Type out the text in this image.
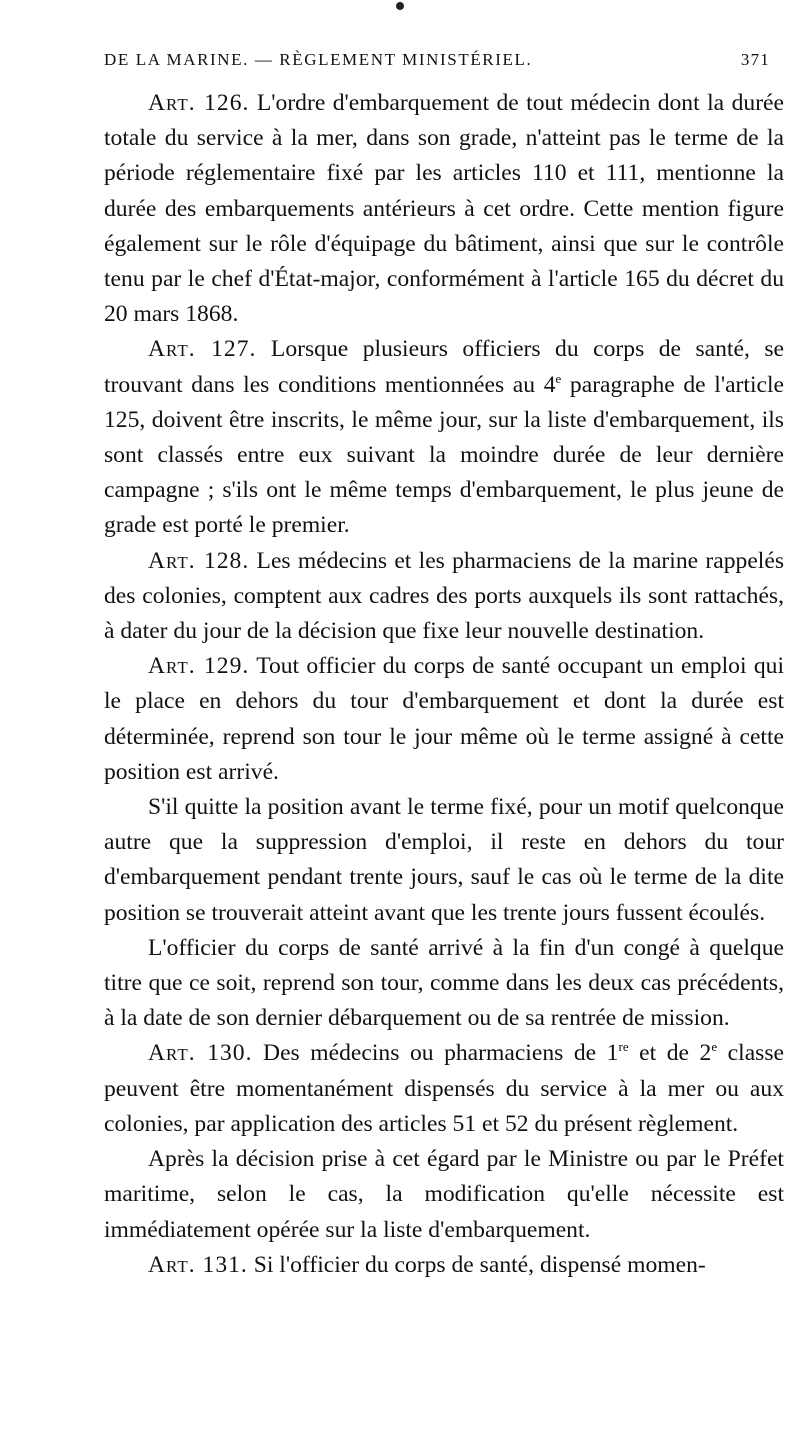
DE LA MARINE. — RÈGLEMENT MINISTÉRIEL.	371

Art. 126. L'ordre d'embarquement de tout médecin dont la durée totale du service à la mer, dans son grade, n'atteint pas le terme de la période réglementaire fixé par les articles 110 et 111, mentionne la durée des embarquements antérieurs à cet ordre. Cette mention figure également sur le rôle d'équipage du bâtiment, ainsi que sur le contrôle tenu par le chef d'État-major, conformément à l'article 165 du décret du 20 mars 1868.

Art. 127. Lorsque plusieurs officiers du corps de santé, se trouvant dans les conditions mentionnées au 4e paragraphe de l'article 125, doivent être inscrits, le même jour, sur la liste d'embarquement, ils sont classés entre eux suivant la moindre durée de leur dernière campagne ; s'ils ont le même temps d'embarquement, le plus jeune de grade est porté le premier.

Art. 128. Les médecins et les pharmaciens de la marine rappelés des colonies, comptent aux cadres des ports auxquels ils sont rattachés, à dater du jour de la décision que fixe leur nouvelle destination.

Art. 129. Tout officier du corps de santé occupant un emploi qui le place en dehors du tour d'embarquement et dont la durée est déterminée, reprend son tour le jour même où le terme assigné à cette position est arrivé.

S'il quitte la position avant le terme fixé, pour un motif quelconque autre que la suppression d'emploi, il reste en dehors du tour d'embarquement pendant trente jours, sauf le cas où le terme de la dite position se trouverait atteint avant que les trente jours fussent écoulés.

L'officier du corps de santé arrivé à la fin d'un congé à quelque titre que ce soit, reprend son tour, comme dans les deux cas précédents, à la date de son dernier débarquement ou de sa rentrée de mission.

Art. 130. Des médecins ou pharmaciens de 1re et de 2e classe peuvent être momentanément dispensés du service à la mer ou aux colonies, par application des articles 51 et 52 du présent règlement.

Après la décision prise à cet égard par le Ministre ou par le Préfet maritime, selon le cas, la modification qu'elle nécessite est immédiatement opérée sur la liste d'embarquement.

Art. 131. Si l'officier du corps de santé, dispensé momen-
